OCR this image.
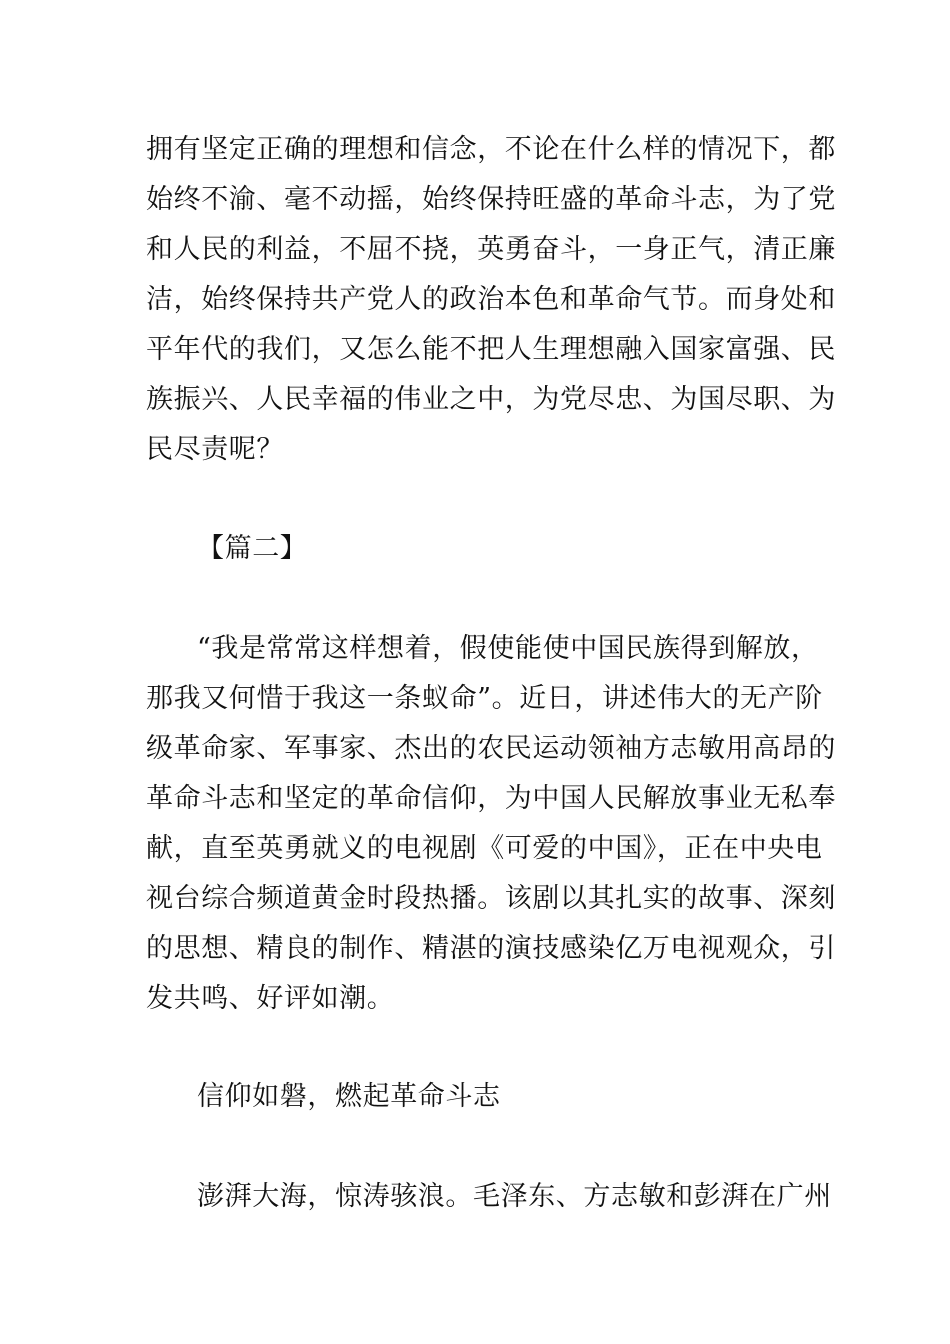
拥有坚定正确的理想和信念，不论在什么样的情况下，都
始终不渝、毫不动摇，始终保持旺盛的革命斗志，为了党
和人民的利益，不屈不挠，英勇奋斗，一身正气，清正廉
洁，始终保持共产党人的政治本色和革命气节。而身处和
平年代的我们，又怎么能不把人生理想融入国家富强、民
族振兴、人民幸福的伟业之中，为党尽忠、为国尽职、为
民尽责呢？
【篇二】
“我是常常这样想着，假使能使中国民族得到解放，
那我又何惜于我这一条蚁命”。近日，讲述伟大的无产阶
级革命家、军事家、杰出的农民运动领袖方志敏用高昂的
革命斗志和坚定的革命信仰，为中国人民解放事业无私奉
献，直至英勇就义的电视剧《可爱的中国》，正在中央电
视台综合频道黄金时段热播。该剧以其扎实的故事、深刻
的思想、精良的制作、精湛的演技感染亿万电视观众，引
发共鸣、好评如潮。
信仰如磐，燃起革命斗志
澎湃大海，惊涛骇浪。毛泽东、方志敏和彭湃在广州
